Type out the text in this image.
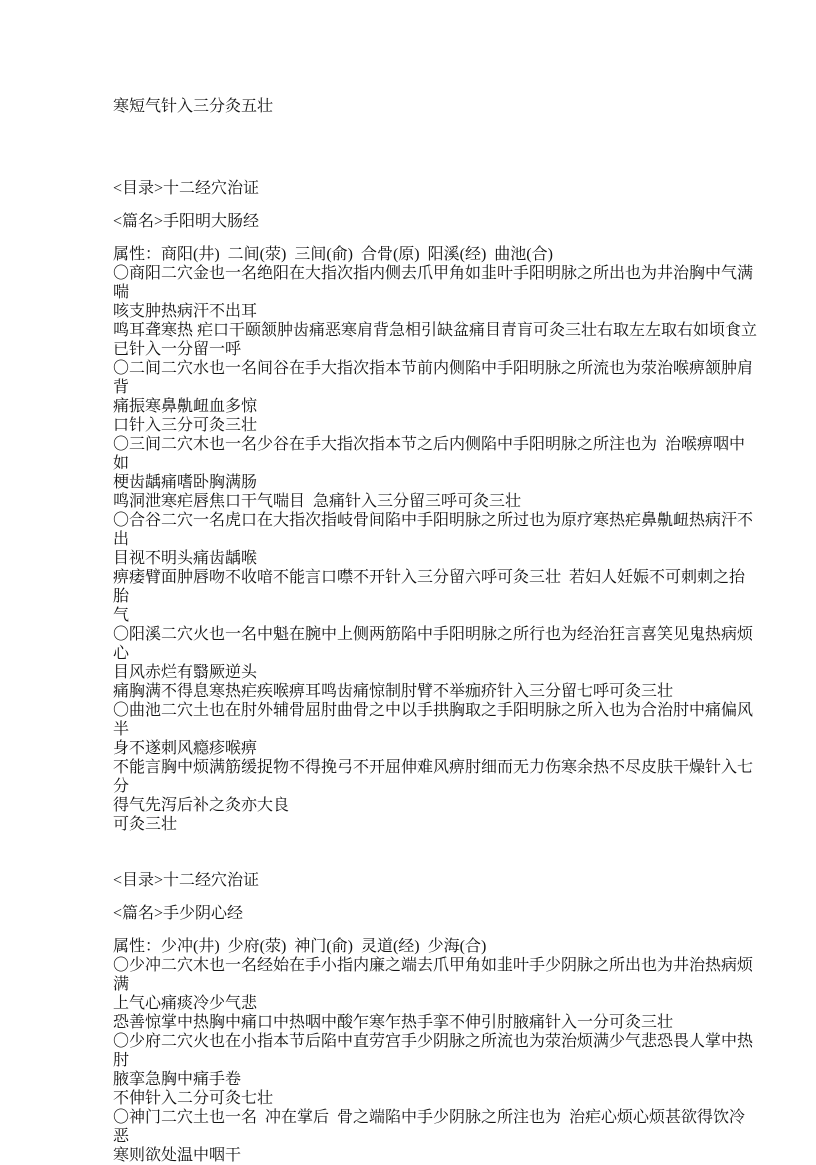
寒短气针入三分灸五壮
<目录>十二经穴治证
<篇名>手阳明大肠经
属性：商阳(井)  二间(荥)  三间(俞)  合骨(原)  阳溪(经)  曲池(合)
〇商阳二穴金也一名绝阳在大指次指内侧去爪甲角如韭叶手阳明脉之所出也为井治胸中气满喘
咳支肿热病汗不出耳
鸣耳聋寒热 疟口干颐颔肿齿痛恶寒肩背急相引缺盆痛目青肓可灸三壮右取左左取右如顷食立
已针入一分留一呼
〇二间二穴水也一名间谷在手大指次指本节前内侧陷中手阳明脉之所流也为荥治喉痹颔肿肩背
痛振寒鼻鼽衄血多惊
口针入三分可灸三壮
〇三间二穴木也一名少谷在手大指次指本节之后内侧陷中手阳明脉之所注也为  治喉痹咽中如
梗齿龋痛嗜卧胸满肠
鸣洞泄寒疟唇焦口干气喘目  急痛针入三分留三呼可灸三壮
〇合谷二穴一名虎口在大指次指岐骨间陷中手阳明脉之所过也为原疗寒热疟鼻鼽衄热病汗不出
目视不明头痛齿龋喉
痹痿臂面肿唇吻不收喑不能言口噤不开针入三分留六呼可灸三壮  若妇人妊娠不可刺刺之抬胎
气
〇阳溪二穴火也一名中魁在腕中上侧两筋陷中手阳明脉之所行也为经治狂言喜笑见鬼热病烦心
目风赤烂有翳厥逆头
痛胸满不得息寒热疟疾喉痹耳鸣齿痛惊制肘臂不举痂疥针入三分留七呼可灸三壮
〇曲池二穴土也在肘外辅骨屈肘曲骨之中以手拱胸取之手阳明脉之所入也为合治肘中痛偏风半
身不遂刺风瘾疹喉痹
不能言胸中烦满筋缓捉物不得挽弓不开屈伸难风痹肘细而无力伤寒余热不尽皮肤干燥针入七分
得气先泻后补之灸亦大良
可灸三壮
<目录>十二经穴治证
<篇名>手少阴心经
属性：少冲(井)  少府(荥)  神门(俞)  灵道(经)  少海(合)
〇少冲二穴木也一名经始在手小指内廉之端去爪甲角如韭叶手少阴脉之所出也为井治热病烦满
上气心痛痰冷少气悲
恐善惊掌中热胸中痛口中热咽中酸乍寒乍热手挛不伸引肘腋痛针入一分可灸三壮
〇少府二穴火也在小指本节后陷中直劳宫手少阴脉之所流也为荥治烦满少气悲恐畏人掌中热肘
腋挛急胸中痛手卷
不伸针入二分可灸七壮
〇神门二穴土也一名  冲在掌后  骨之端陷中手少阴脉之所注也为  治疟心烦心烦甚欲得饮冷恶
寒则欲处温中咽干
